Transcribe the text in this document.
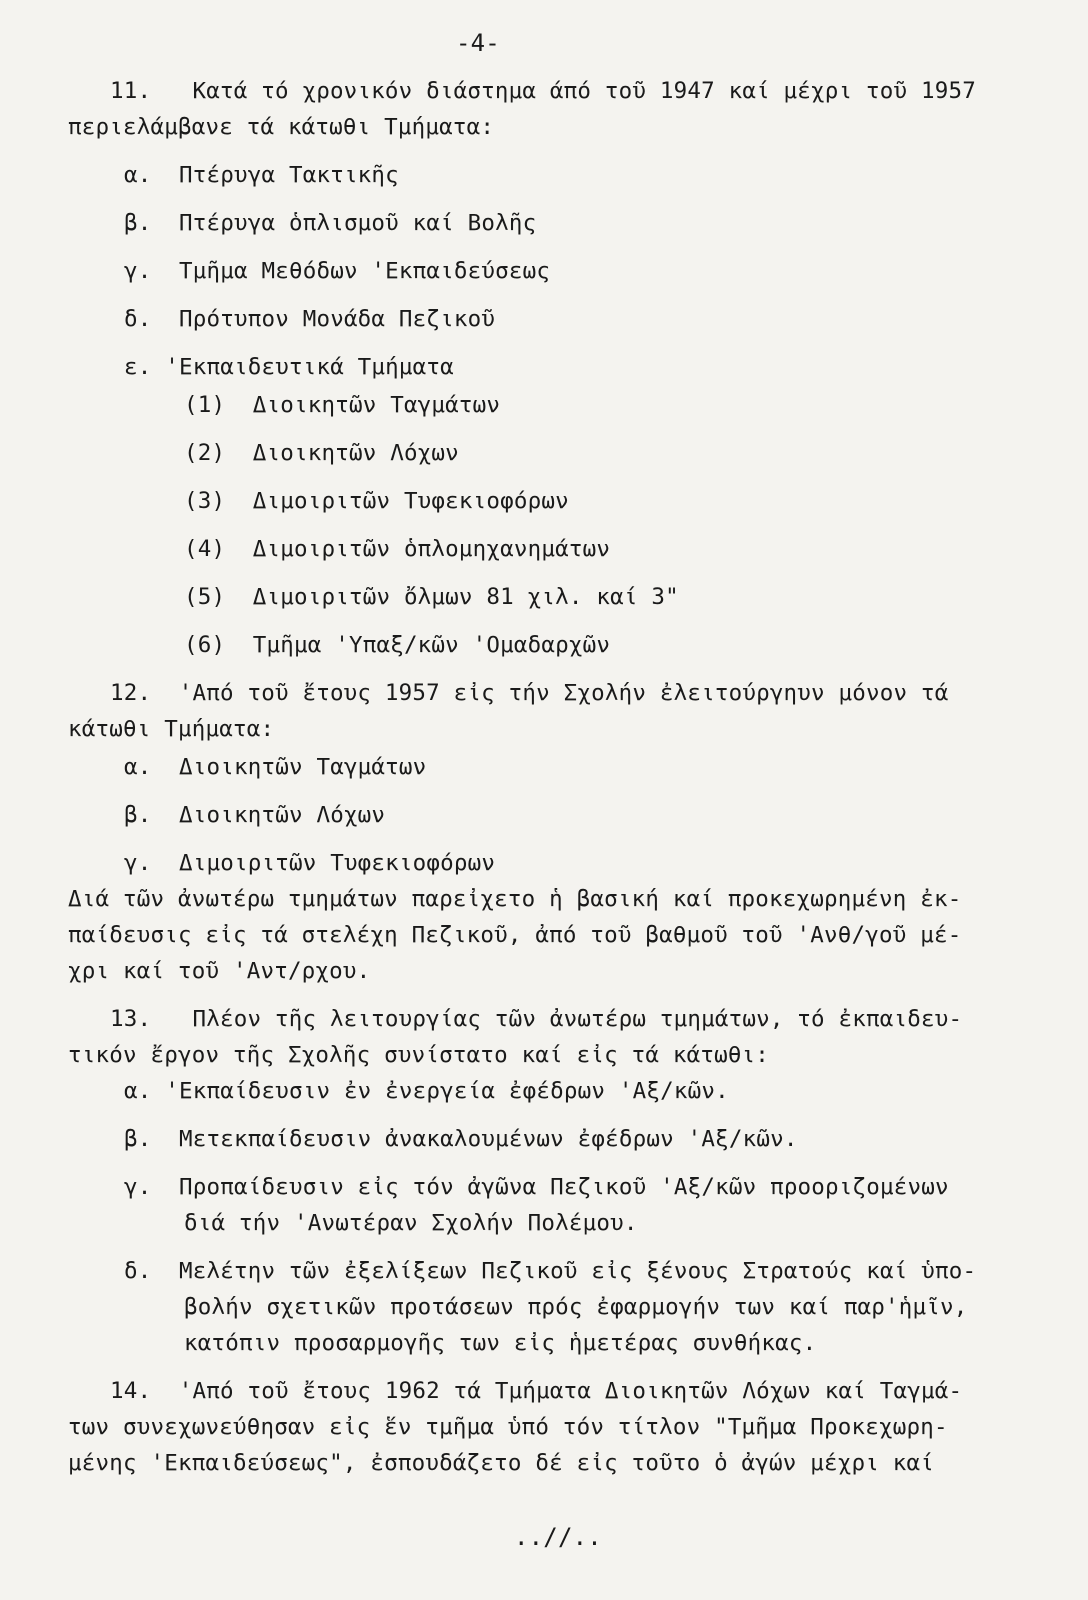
-4-
11.   Κατά τό χρονικόν διάστημα άπό τοῦ 1947 καί μέχρι τοῦ 1957
περιελάμβανε τά κάτωθι Τμήματα:
α.  Πτέρυγα Τακτικῆς
β.  Πτέρυγα ὁπλισμοῦ καί Βολῆς
γ.  Τμῆμα Μεθόδων 'Εκπαιδεύσεως
δ.  Πρότυπον Μονάδα Πεζικοῦ
ε. 'Εκπαιδευτικά Τμήματα
(1)  Διοικητῶν Ταγμάτων
(2)  Διοικητῶν Λόχων
(3)  Διμοιριτῶν Τυφεκιοφόρων
(4)  Διμοιριτῶν ὁπλομηχανημάτων
(5)  Διμοιριτῶν ὄλμων 81 χιλ. καί 3"
(6)  Τμῆμα 'Υπαξ/κῶν 'Ομαδαρχῶν
12.  'Από τοῦ ἔτους 1957 εἰς τήν Σχολήν ἐλειτούργηυν μόνον τά
κάτωθι Τμήματα:
α.  Διοικητῶν Ταγμάτων
β.  Διοικητῶν Λόχων
γ.  Διμοιριτῶν Τυφεκιοφόρων
Διά τῶν ἀνωτέρω τμημάτων παρεἰχετο ἡ βασική καί προκεχωρημένη ἐκ-
παίδευσις εἰς τά στελέχη Πεζικοῦ, ἀπό τοῦ βαθμοῦ τοῦ 'Ανθ/γοῦ μέ-
χρι καί τοῦ 'Αντ/ρχου.
13.   Πλέον τῆς λειτουργίας τῶν ἀνωτέρω τμημάτων, τό ἐκπαιδευ-
τικόν ἔργον τῆς Σχολῆς συνίστατο καί εἰς τά κάτωθι:
α. 'Εκπαίδευσιν ἐν ἐνεργεία ἐφέδρων 'Αξ/κῶν.
β.  Μετεκπαίδευσιν ἀνακαλουμένων ἐφέδρων 'Αξ/κῶν.
γ.  Προπαίδευσιν εἰς τόν ἀγῶνα Πεζικοῦ 'Αξ/κῶν προοριζομένων
διά τήν 'Ανωτέραν Σχολήν Πολέμου.
δ.  Μελέτην τῶν ἐξελίξεων Πεζικοῦ εἰς ξένους Στρατούς καί ὑπο-
βολήν σχετικῶν προτάσεων πρός ἐφαρμογήν των καί παρ'ἡμῖν,
κατόπιν προσαρμογῆς των εἰς ἡμετέρας συνθήκας.
14.  'Από τοῦ ἔτους 1962 τά Τμήματα Διοικητῶν Λόχων καί Ταγμά-
των συνεχωνεύθησαν εἰς ἕν τμῆμα ὑπό τόν τίτλον "Τμῆμα Προκεχωρη-
μένης 'Εκπαιδεύσεως", ἐσπουδάζετο δέ εἰς τοῦτο ὁ ἀγών μέχρι καί
..//..
